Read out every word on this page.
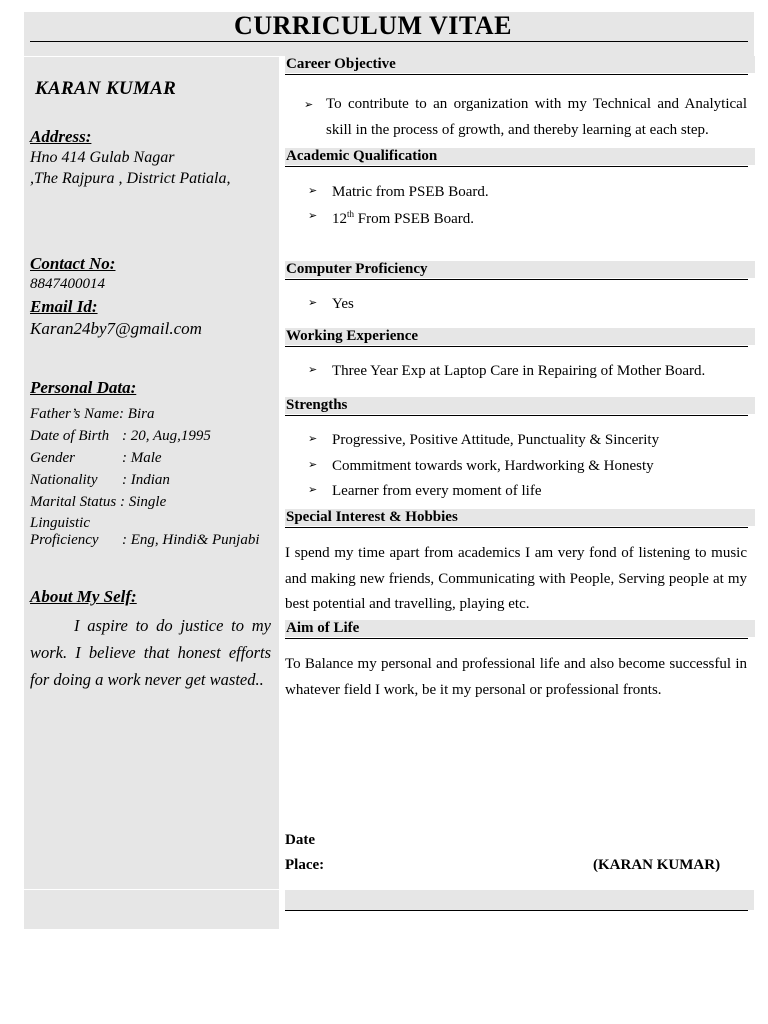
CURRICULUM VITAE
KARAN KUMAR
Address:
Hno 414 Gulab Nagar
,The Rajpura , District Patiala,
Contact No:
8847400014
Email Id:
Karan24by7@gmail.com
Personal Data:
Father’s Name: Bira
Date of Birth : 20, Aug,1995
Gender	: Male
Nationality : Indian
Marital Status : Single
Linguistic
Proficiency : Eng, Hindi& Punjabi
About My Self:
I aspire to do justice to my work. I believe that honest efforts for doing a work never get wasted..
Career Objective
➢ To contribute to an organization with my Technical and Analytical skill in the process of growth, and thereby learning at each step.
Academic Qualification
➢ Matric from PSEB Board.
➢ 12th From PSEB Board.
Computer Proficiency
➢ Yes
Working Experience
➢ Three Year Exp at Laptop Care in Repairing of Mother Board.
Strengths
➢ Progressive, Positive Attitude, Punctuality & Sincerity
➢ Commitment towards work, Hardworking & Honesty
➢ Learner from every moment of life
Special Interest & Hobbies
I spend my time apart from academics I am very fond of listening to music and making new friends, Communicating with People, Serving people at my best potential and travelling, playing etc.
Aim of Life
To Balance my personal and professional life and also become successful in whatever field I work, be it my personal or professional fronts.
Date
Place:	(KARAN KUMAR)
